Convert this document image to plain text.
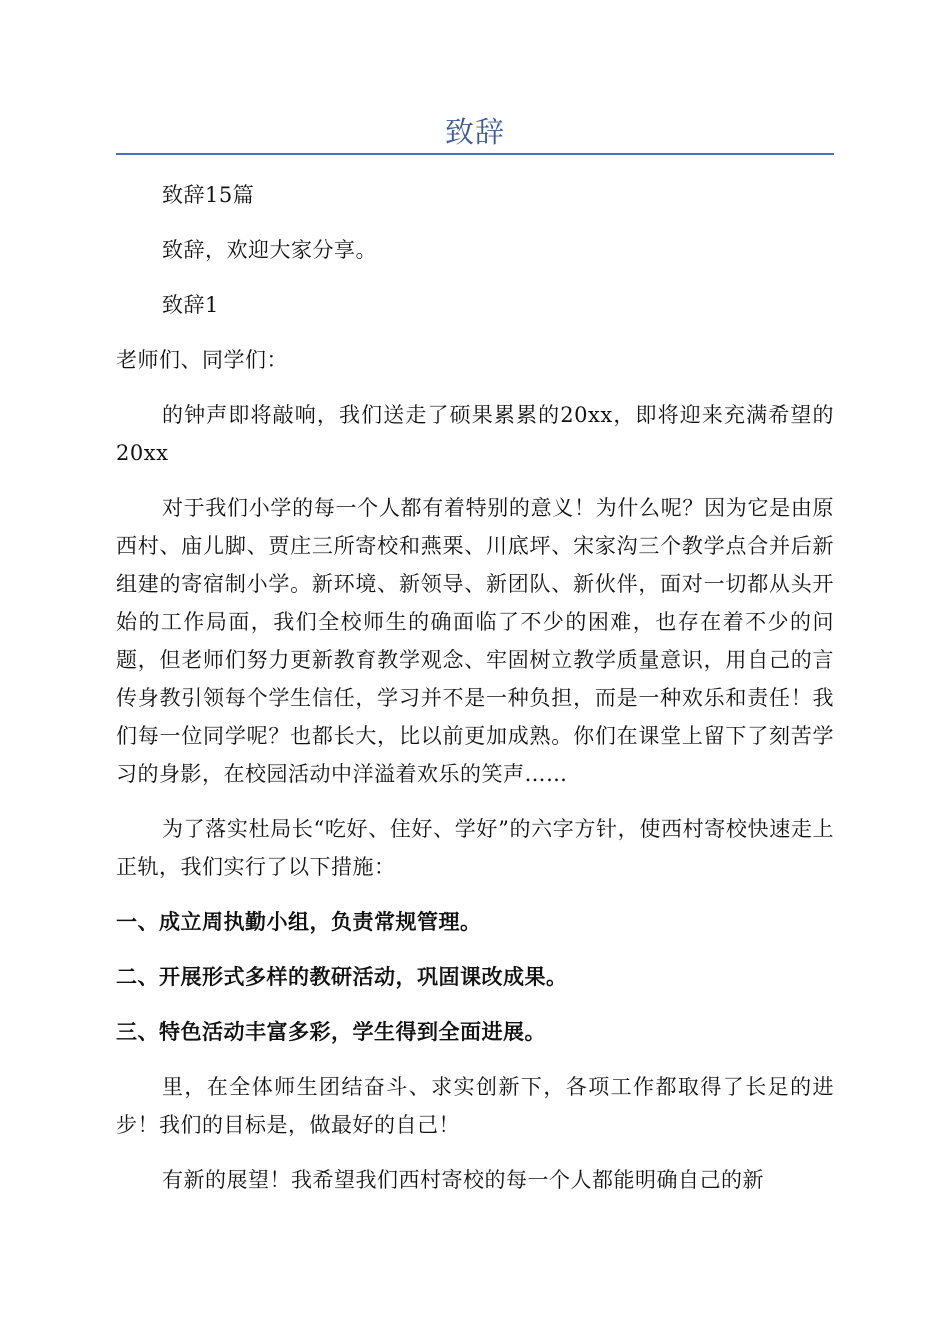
致辞

致辞15篇

致辞，欢迎大家分享。

致辞1

老师们、同学们：

的钟声即将敲响，我们送走了硕果累累的20xx，即将迎来充满希望的20xx

对于我们小学的每一个人都有着特别的意义！为什么呢？因为它是由原西村、庙儿脚、贾庄三所寄校和燕栗、川底坪、宋家沟三个教学点合并后新组建的寄宿制小学。新环境、新领导、新团队、新伙伴，面对一切都从头开始的工作局面，我们全校师生的确面临了不少的困难，也存在着不少的问题，但老师们努力更新教育教学观念、牢固树立教学质量意识，用自己的言传身教引领每个学生信任，学习并不是一种负担，而是一种欢乐和责任！我们每一位同学呢？也都长大，比以前更加成熟。你们在课堂上留下了刻苦学习的身影，在校园活动中洋溢着欢乐的笑声……

为了落实杜局长“吃好、住好、学好”的六字方针，使西村寄校快速走上正轨，我们实行了以下措施：

一、成立周执勤小组，负责常规管理。

二、开展形式多样的教研活动，巩固课改成果。

三、特色活动丰富多彩，学生得到全面进展。

里，在全体师生团结奋斗、求实创新下，各项工作都取得了长足的进步！我们的目标是，做最好的自己！

有新的展望！我希望我们西村寄校的每一个人都能明确自己的新
